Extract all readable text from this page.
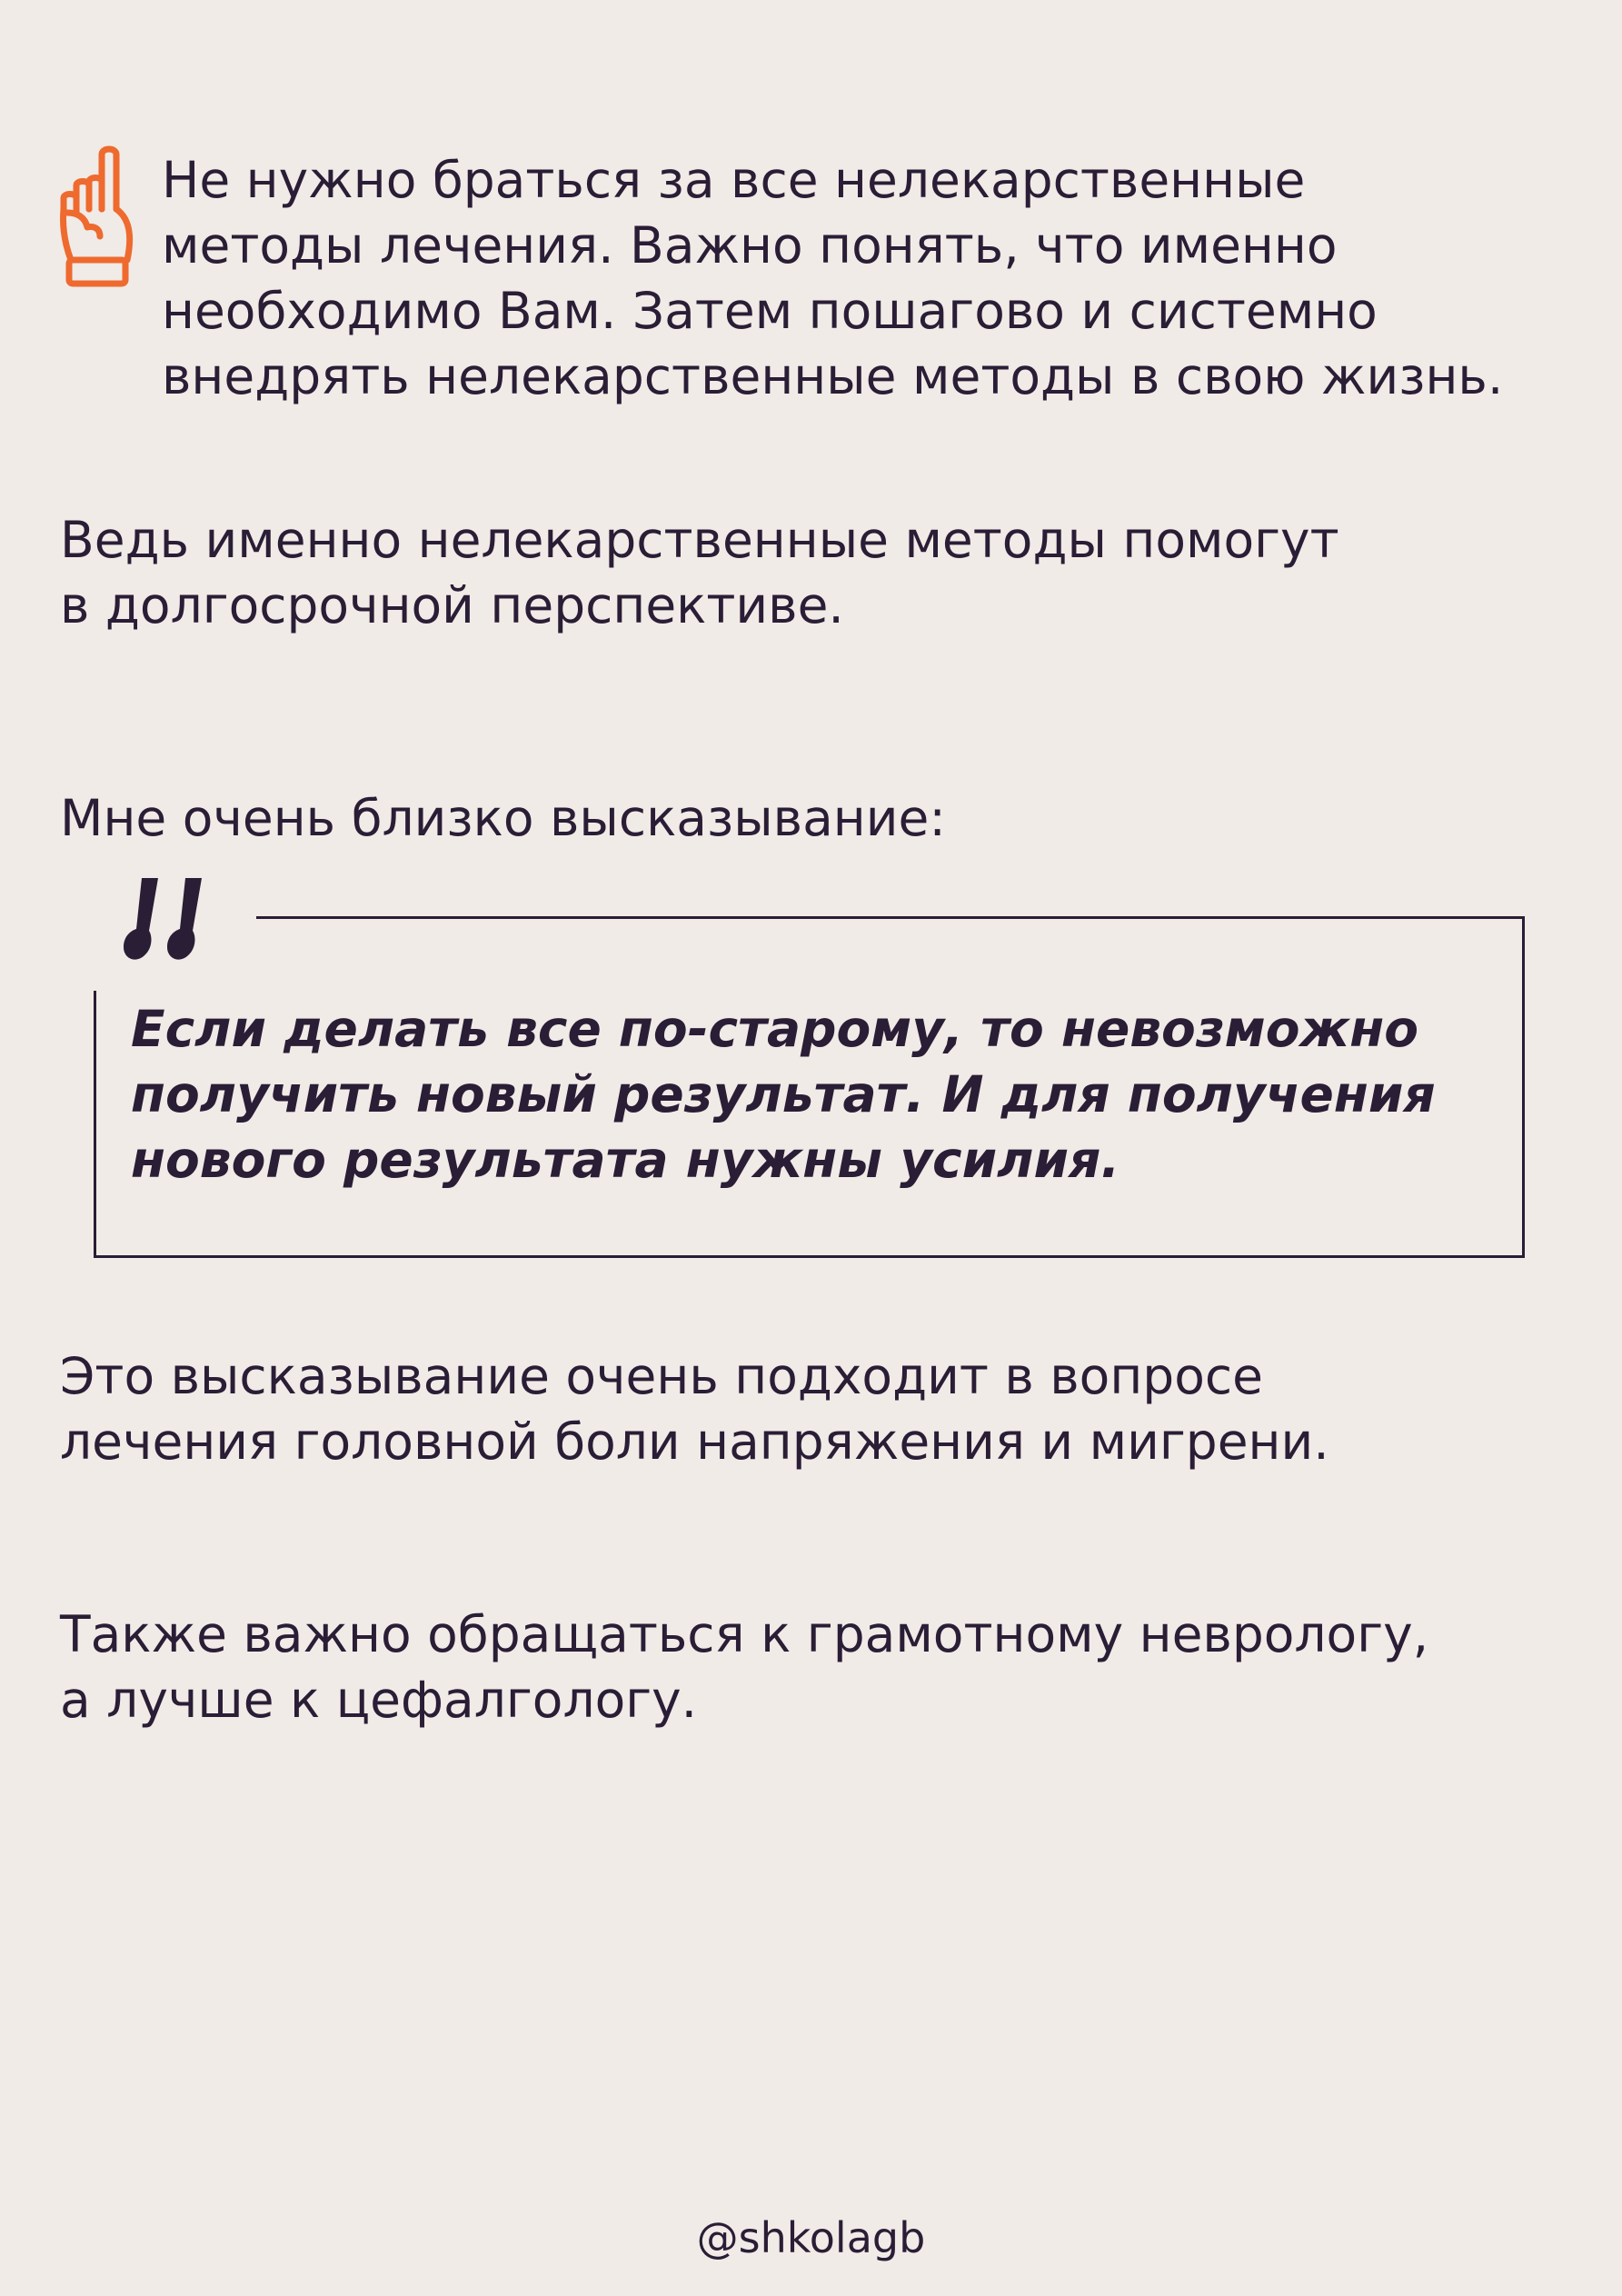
Не нужно браться за все нелекарственные
методы лечения. Важно понять, что именно
необходимо Вам. Затем пошагово и системно
внедрять нелекарственные методы в свою жизнь.

Ведь именно нелекарственные методы помогут
в долгосрочной перспективе.

Мне очень близко высказывание:

Если делать все по-старому, то невозможно
получить новый результат. И для получения
нового результата нужны усилия.

Это высказывание очень подходит в вопросе
лечения головной боли напряжения и мигрени.

Также важно обращаться к грамотному неврологу,
а лучше к цефалгологу.

@shkolagb
